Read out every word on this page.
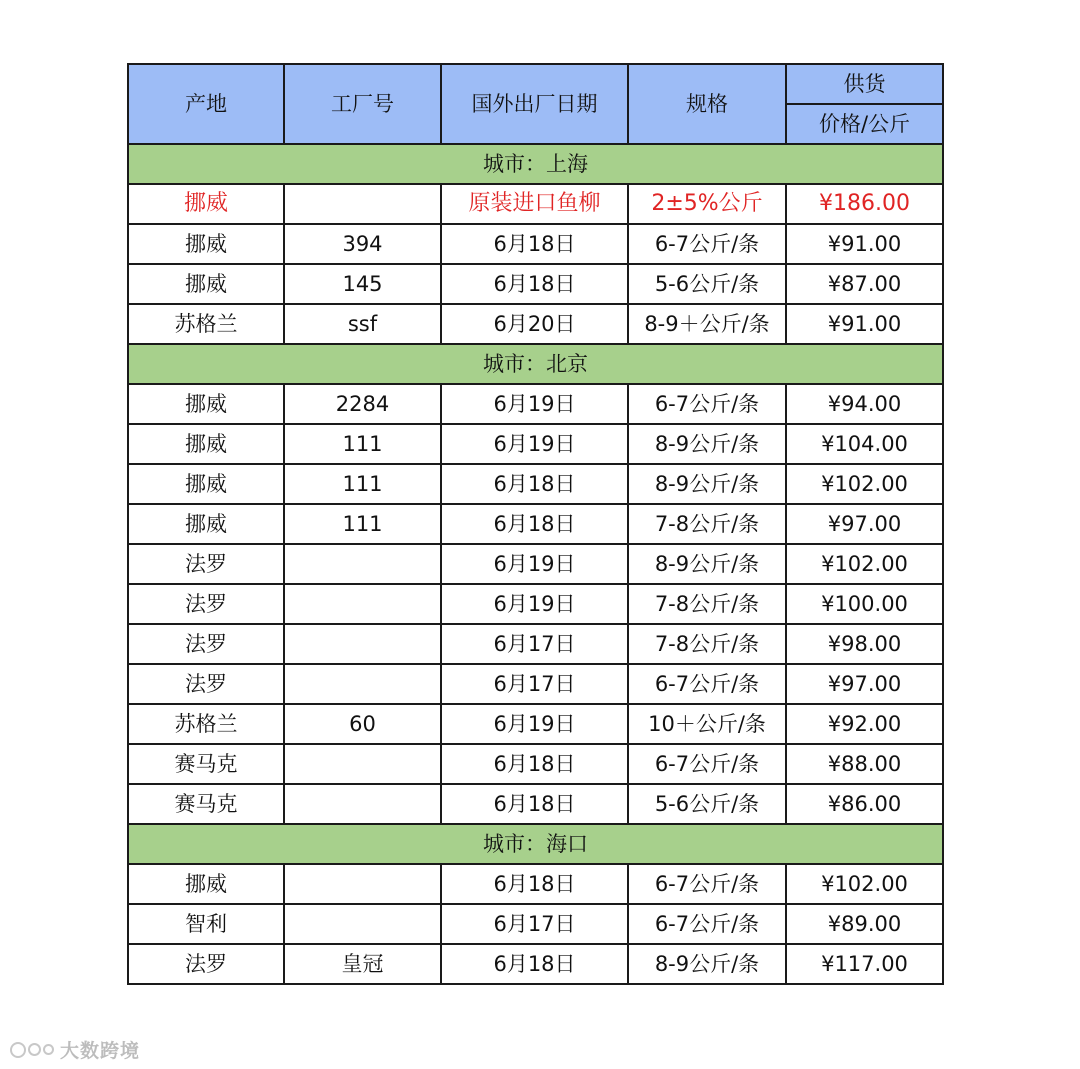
产地	工厂号	国外出厂日期	规格	供货
				价格/公斤
城市：上海				
挪威		原装进口鱼柳	2±5%公斤	¥186.00
挪威	394	6月18日	6-7公斤/条	¥91.00
挪威	145	6月18日	5-6公斤/条	¥87.00
苏格兰	ssf	6月20日	8-9＋公斤/条	¥91.00
城市：北京				
挪威	2284	6月19日	6-7公斤/条	¥94.00
挪威	111	6月19日	8-9公斤/条	¥104.00
挪威	111	6月18日	8-9公斤/条	¥102.00
挪威	111	6月18日	7-8公斤/条	¥97.00
法罗		6月19日	8-9公斤/条	¥102.00
法罗		6月19日	7-8公斤/条	¥100.00
法罗		6月17日	7-8公斤/条	¥98.00
法罗		6月17日	6-7公斤/条	¥97.00
苏格兰	60	6月19日	10＋公斤/条	¥92.00
赛马克		6月18日	6-7公斤/条	¥88.00
赛马克		6月18日	5-6公斤/条	¥86.00
城市：海口				
挪威		6月18日	6-7公斤/条	¥102.00
智利		6月17日	6-7公斤/条	¥89.00
法罗	皇冠	6月18日	8-9公斤/条	¥117.00
大数跨境
